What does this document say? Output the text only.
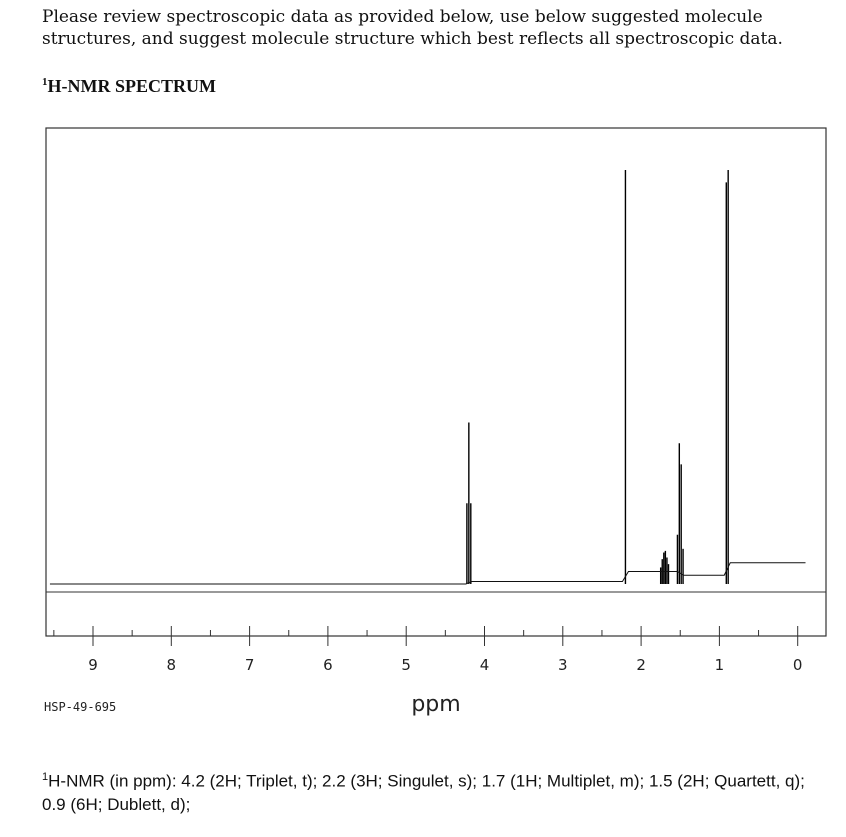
Please review spectroscopic data as provided below, use below suggested molecule structures, and suggest molecule structure which best reflects all spectroscopic data.
$^1$H-NMR SPECTRUM
9	8	7	6	5	4	3	2	1	0
HSP-49-695	ppm
$^1$H-NMR (in ppm): 4.2 (2H; Triplet, t); 2.2 (3H; Singulet, s); 1.7 (1H; Multiplet, m); 1.5 (2H; Quartett, q); 0.9 (6H; Dublett, d);
